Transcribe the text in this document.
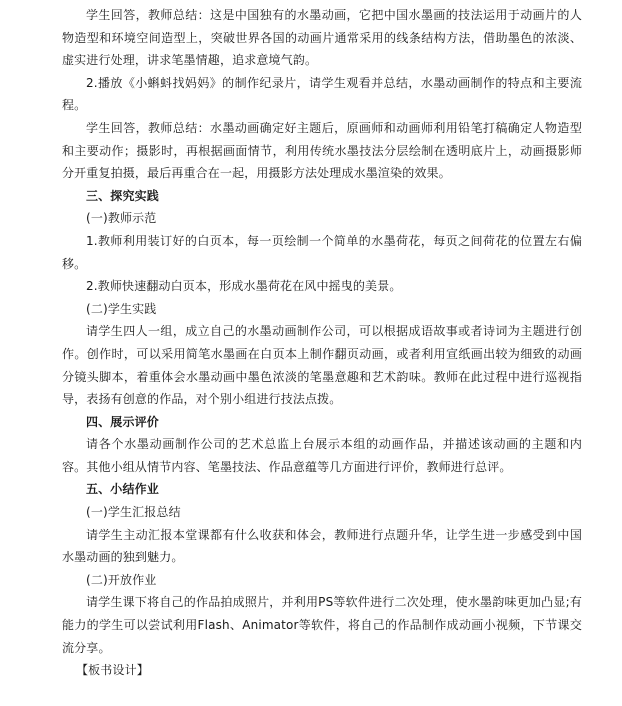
学生回答，教师总结：这是中国独有的水墨动画，它把中国水墨画的技法运用于动画片的人物造型和环境空间造型上，突破世界各国的动画片通常采用的线条结构方法，借助墨色的浓淡、虚实进行处理，讲求笔墨情趣，追求意境气韵。

2.播放《小蝌蚪找妈妈》的制作纪录片，请学生观看并总结，水墨动画制作的特点和主要流程。

学生回答，教师总结：水墨动画确定好主题后，原画师和动画师利用铅笔打稿确定人物造型和主要动作；摄影时，再根据画面情节，利用传统水墨技法分层绘制在透明底片上，动画摄影师分开重复拍摄，最后再重合在一起，用摄影方法处理成水墨渲染的效果。

三、探究实践

(一)教师示范

1.教师利用装订好的白页本，每一页绘制一个简单的水墨荷花，每页之间荷花的位置左右偏移。

2.教师快速翻动白页本，形成水墨荷花在风中摇曳的美景。

(二)学生实践

请学生四人一组，成立自己的水墨动画制作公司，可以根据成语故事或者诗词为主题进行创作。创作时，可以采用简笔水墨画在白页本上制作翻页动画，或者利用宣纸画出较为细致的动画分镜头脚本，着重体会水墨动画中墨色浓淡的笔墨意趣和艺术韵味。教师在此过程中进行巡视指导，表扬有创意的作品，对个别小组进行技法点拨。

四、展示评价

请各个水墨动画制作公司的艺术总监上台展示本组的动画作品，并描述该动画的主题和内容。其他小组从情节内容、笔墨技法、作品意蕴等几方面进行评价，教师进行总评。

五、小结作业

(一)学生汇报总结

请学生主动汇报本堂课都有什么收获和体会，教师进行点题升华，让学生进一步感受到中国水墨动画的独到魅力。

(二)开放作业

请学生课下将自己的作品拍成照片，并利用PS等软件进行二次处理，使水墨韵味更加凸显;有能力的学生可以尝试利用Flash、Animator等软件，将自己的作品制作成动画小视频，下节课交流分享。

【板书设计】
